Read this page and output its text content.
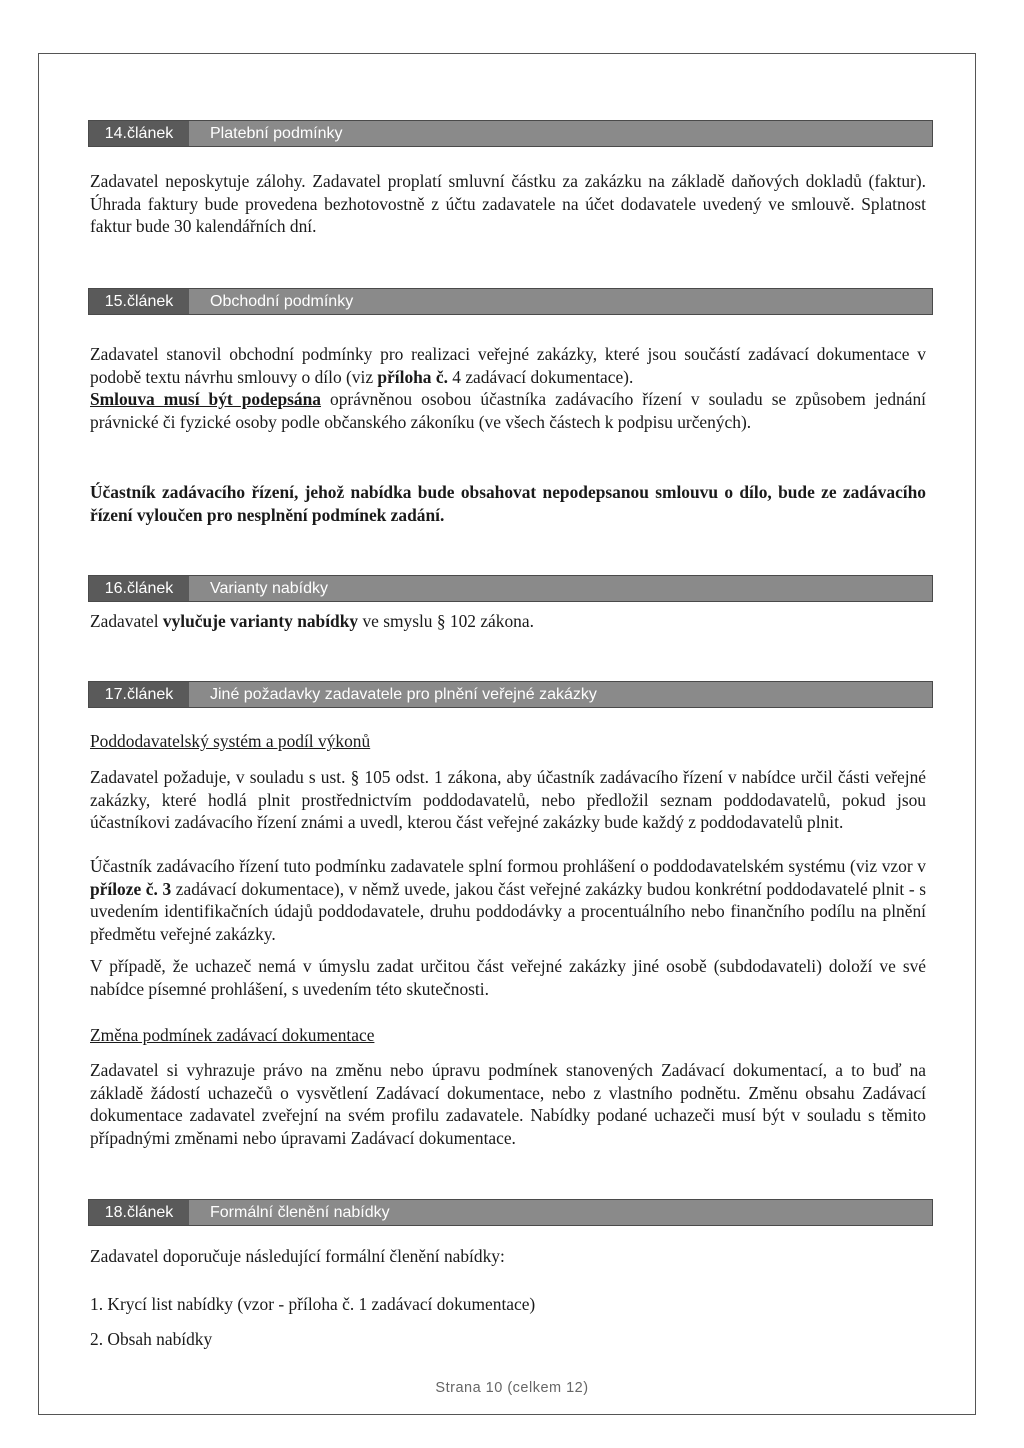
14.článek	Platební podmínky

Zadavatel neposkytuje zálohy. Zadavatel proplatí smluvní částku za zakázku na základě daňových dokladů (faktur). Úhrada faktury bude provedena bezhotovostně z účtu zadavatele na účet dodavatele uvedený ve smlouvě. Splatnost faktur bude 30 kalendářních dní.

15.článek	Obchodní podmínky

Zadavatel stanovil obchodní podmínky pro realizaci veřejné zakázky, které jsou součástí zadávací dokumentace v podobě textu návrhu smlouvy o dílo (viz příloha č. 4 zadávací dokumentace).
Smlouva musí být podepsána oprávněnou osobou účastníka zadávacího řízení v souladu se způsobem jednání právnické či fyzické osoby podle občanského zákoníku (ve všech částech k podpisu určených).

Účastník zadávacího řízení, jehož nabídka bude obsahovat nepodepsanou smlouvu o dílo, bude ze zadávacího řízení vyloučen pro nesplnění podmínek zadání.

16.článek	Varianty nabídky

Zadavatel vylučuje varianty nabídky ve smyslu § 102 zákona.

17.článek	Jiné požadavky zadavatele pro plnění veřejné zakázky

Poddodavatelský systém a podíl výkonů

Zadavatel požaduje, v souladu s ust. § 105 odst. 1 zákona, aby účastník zadávacího řízení v nabídce určil části veřejné zakázky, které hodlá plnit prostřednictvím poddodavatelů, nebo předložil seznam poddodavatelů, pokud jsou účastníkovi zadávacího řízení známi a uvedl, kterou část veřejné zakázky bude každý z poddodavatelů plnit.

Účastník zadávacího řízení tuto podmínku zadavatele splní formou prohlášení o poddodavatelském systému (viz vzor v příloze č. 3 zadávací dokumentace), v němž uvede, jakou část veřejné zakázky budou konkrétní poddodavatelé plnit - s uvedením identifikačních údajů poddodavatele, druhu poddodávky a procentuálního nebo finančního podílu na plnění předmětu veřejné zakázky.

V případě, že uchazeč nemá v úmyslu zadat určitou část veřejné zakázky jiné osobě (subdodavateli) doloží ve své nabídce písemné prohlášení, s uvedením této skutečnosti.

Změna podmínek zadávací dokumentace

Zadavatel si vyhrazuje právo na změnu nebo úpravu podmínek stanovených Zadávací dokumentací, a to buď na základě žádostí uchazečů o vysvětlení Zadávací dokumentace, nebo z vlastního podnětu. Změnu obsahu Zadávací dokumentace zadavatel zveřejní na svém profilu zadavatele. Nabídky podané uchazeči musí být v souladu s těmito případnými změnami nebo úpravami Zadávací dokumentace.

18.článek	Formální členění nabídky

Zadavatel doporučuje následující formální členění nabídky:

1. Krycí list nabídky (vzor - příloha č. 1 zadávací dokumentace)

2. Obsah nabídky

Strana 10 (celkem 12)
